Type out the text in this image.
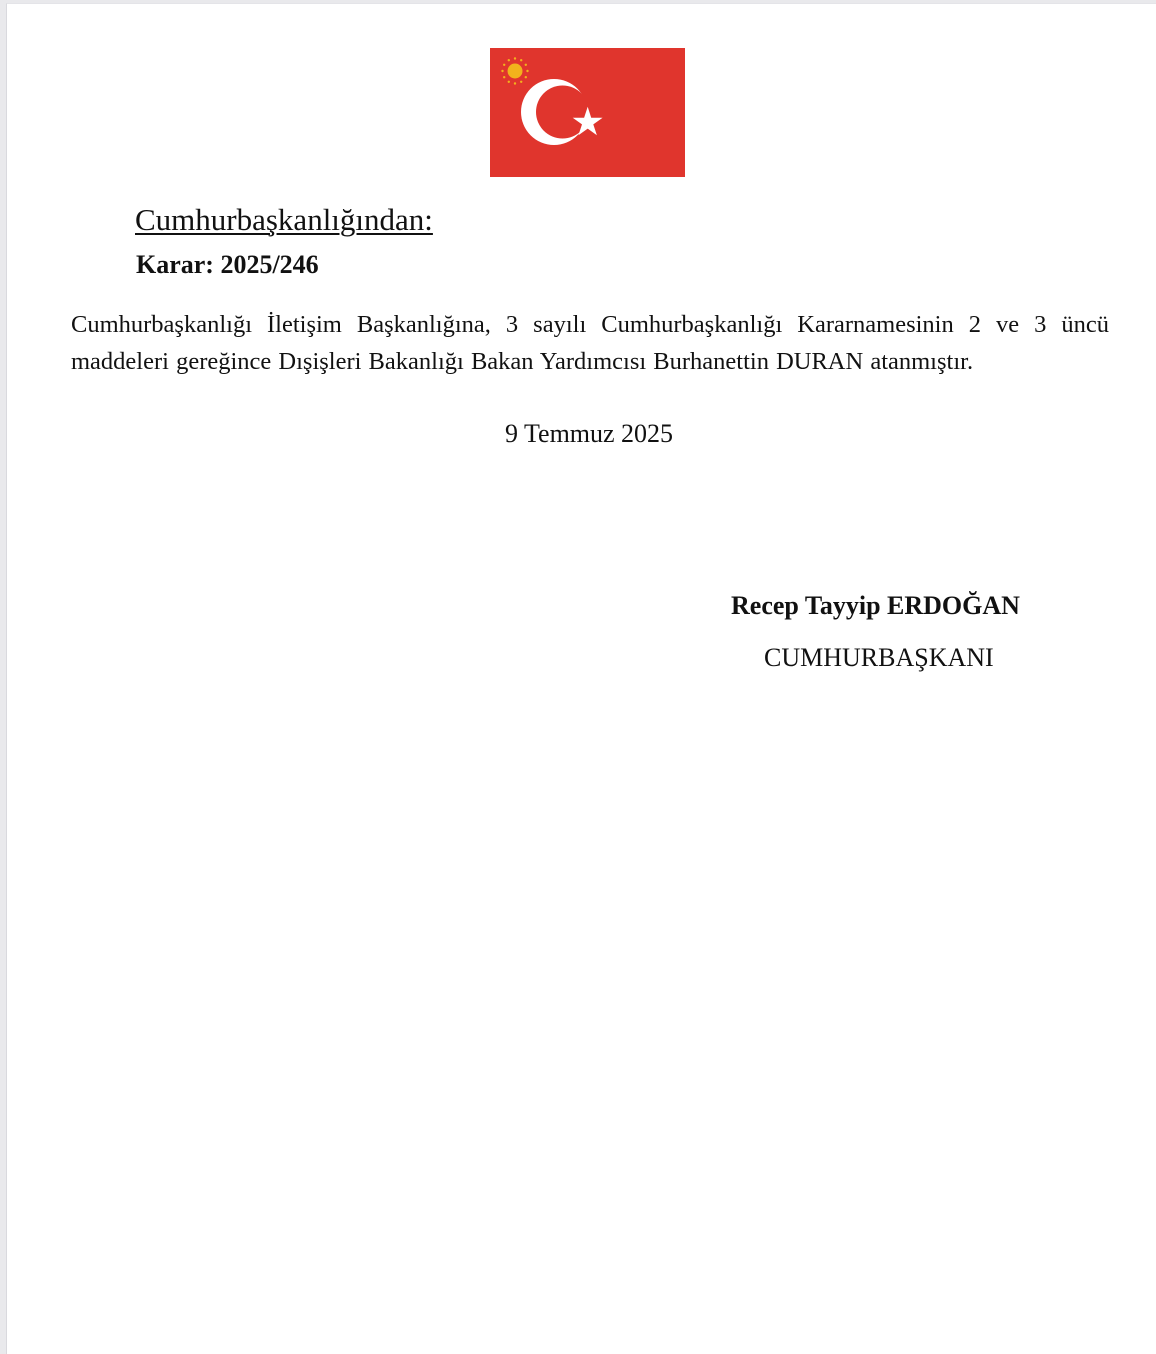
Cumhurbaşkanlığından:
Karar: 2025/246
Cumhurbaşkanlığı İletişim Başkanlığına, 3 sayılı Cumhurbaşkanlığı Kararnamesinin 2 ve 3 üncü maddeleri gereğince Dışişleri Bakanlığı Bakan Yardımcısı Burhanettin DURAN atanmıştır.
9 Temmuz 2025
Recep Tayyip ERDOĞAN
CUMHURBAŞKANI
